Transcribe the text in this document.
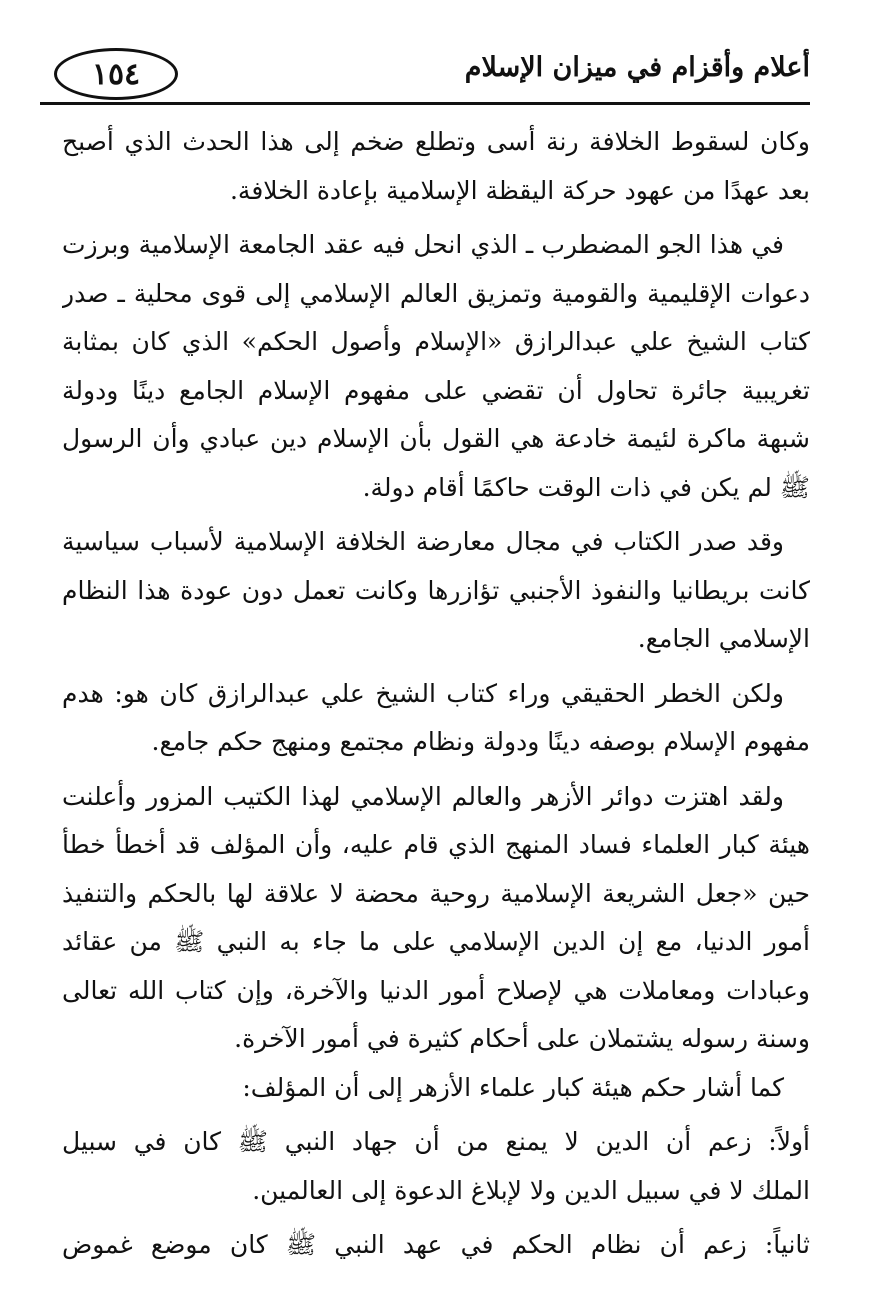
١٥٤	أعلام وأقزام في ميزان الإسلام
وكان لسقوط الخلافة رنة أسى وتطلع ضخم إلى هذا الحدث الذي أصبح
بعد عهدًا من عهود حركة اليقظة الإسلامية بإعادة الخلافة.
في هذا الجو المضطرب ـ الذي انحل فيه عقد الجامعة الإسلامية وبرزت
دعوات الإقليمية والقومية وتمزيق العالم الإسلامي إلى قوى محلية ـ صدر
كتاب الشيخ علي عبدالرازق «الإسلام وأصول الحكم» الذي كان بمثابة
تغريبية جائرة تحاول أن تقضي على مفهوم الإسلام الجامع دينًا ودولة
شبهة ماكرة لئيمة خادعة هي القول بأن الإسلام دين عبادي وأن الرسول
ﷺ لم يكن في ذات الوقت حاكمًا أقام دولة.
وقد صدر الكتاب في مجال معارضة الخلافة الإسلامية لأسباب سياسية
كانت بريطانيا والنفوذ الأجنبي تؤازرها وكانت تعمل دون عودة هذا النظام
الإسلامي الجامع.
ولكن الخطر الحقيقي وراء كتاب الشيخ علي عبدالرازق كان هو: هدم
مفهوم الإسلام بوصفه دينًا ودولة ونظام مجتمع ومنهج حكم جامع.
ولقد اهتزت دوائر الأزهر والعالم الإسلامي لهذا الكتيب المزور وأعلنت
هيئة كبار العلماء فساد المنهج الذي قام عليه، وأن المؤلف قد أخطأ خطأ
حين «جعل الشريعة الإسلامية روحية محضة لا علاقة لها بالحكم والتنفيذ
أمور الدنيا، مع إن الدين الإسلامي على ما جاء به النبي ﷺ من عقائد
وعبادات ومعاملات هي لإصلاح أمور الدنيا والآخرة، وإن كتاب الله تعالى
وسنة رسوله يشتملان على أحكام كثيرة في أمور الآخرة.
كما أشار حكم هيئة كبار علماء الأزهر إلى أن المؤلف:
أولاً: زعم أن الدين لا يمنع من أن جهاد النبي ﷺ كان في سبيل
الملك لا في سبيل الدين ولا لإبلاغ الدعوة إلى العالمين.
ثانياً: زعم أن نظام الحكم في عهد النبي ﷺ كان موضع غموض
